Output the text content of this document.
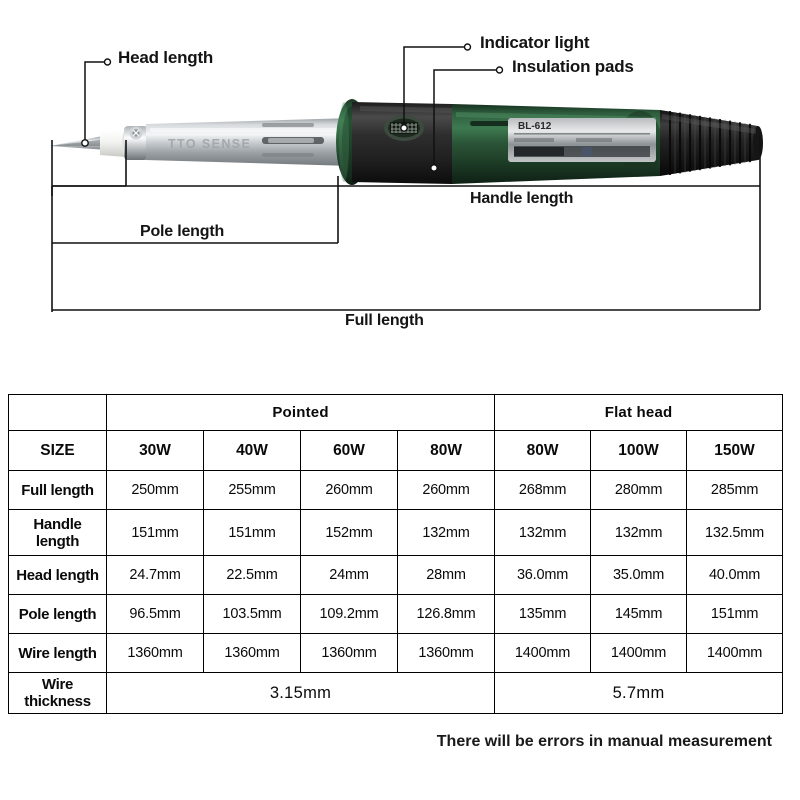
TTO SENSE
BL-612
Head length
Indicator light
Insulation pads
Pole length
Handle length
Full length
	Pointed				Flat head		
SIZE	30W	40W	60W	80W	80W	100W	150W
Full length	250mm	255mm	260mm	260mm	268mm	280mm	285mm
Handle length	151mm	151mm	152mm	132mm	132mm	132mm	132.5mm
Head length	24.7mm	22.5mm	24mm	28mm	36.0mm	35.0mm	40.0mm
Pole length	96.5mm	103.5mm	109.2mm	126.8mm	135mm	145mm	151mm
Wire length	1360mm	1360mm	1360mm	1360mm	1400mm	1400mm	1400mm
Wire thickness	3.15mm				5.7mm		
There will be errors in manual measurement
